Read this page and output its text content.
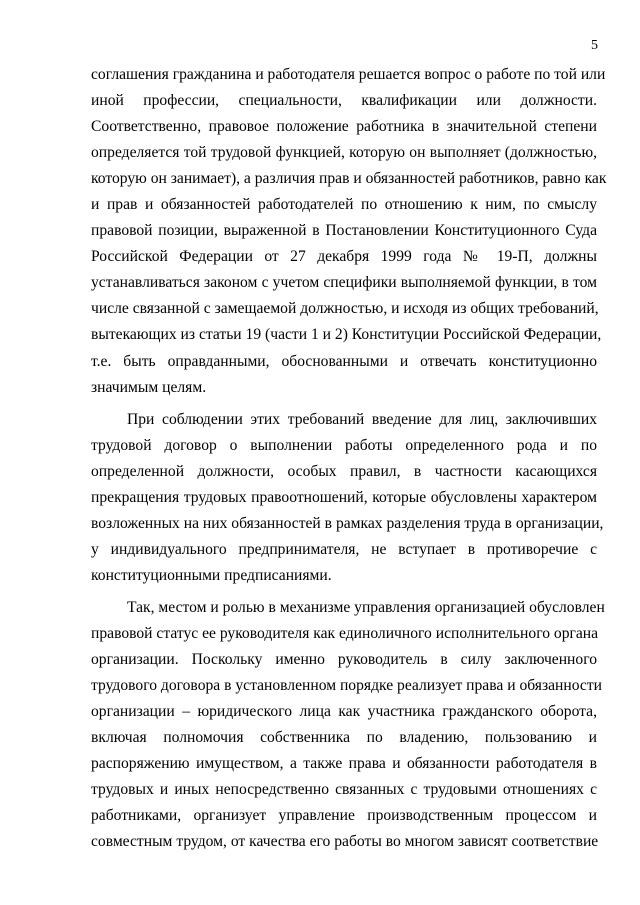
5
соглашения гражданина и работодателя решается вопрос о работе по той или
иной профессии, специальности, квалификации или должности.
Соответственно, правовое положение работника в значительной степени
определяется той трудовой функцией, которую он выполняет (должностью,
которую он занимает), а различия прав и обязанностей работников, равно как
и прав и обязанностей работодателей по отношению к ним, по смыслу
правовой позиции, выраженной в Постановлении Конституционного Суда
Российской Федерации от 27 декабря 1999 года № 19-П, должны
устанавливаться законом с учетом специфики выполняемой функции, в том
числе связанной с замещаемой должностью, и исходя из общих требований,
вытекающих из статьи 19 (части 1 и 2) Конституции Российской Федерации,
т.е. быть оправданными, обоснованными и отвечать конституционно
значимым целям.
При соблюдении этих требований введение для лиц, заключивших
трудовой договор о выполнении работы определенного рода и по
определенной должности, особых правил, в частности касающихся
прекращения трудовых правоотношений, которые обусловлены характером
возложенных на них обязанностей в рамках разделения труда в организации,
у индивидуального предпринимателя, не вступает в противоречие с
конституционными предписаниями.
Так, местом и ролью в механизме управления организацией обусловлен
правовой статус ее руководителя как единоличного исполнительного органа
организации. Поскольку именно руководитель в силу заключенного
трудового договора в установленном порядке реализует права и обязанности
организации – юридического лица как участника гражданского оборота,
включая полномочия собственника по владению, пользованию и
распоряжению имуществом, а также права и обязанности работодателя в
трудовых и иных непосредственно связанных с трудовыми отношениях с
работниками, организует управление производственным процессом и
совместным трудом, от качества его работы во многом зависят соответствие
